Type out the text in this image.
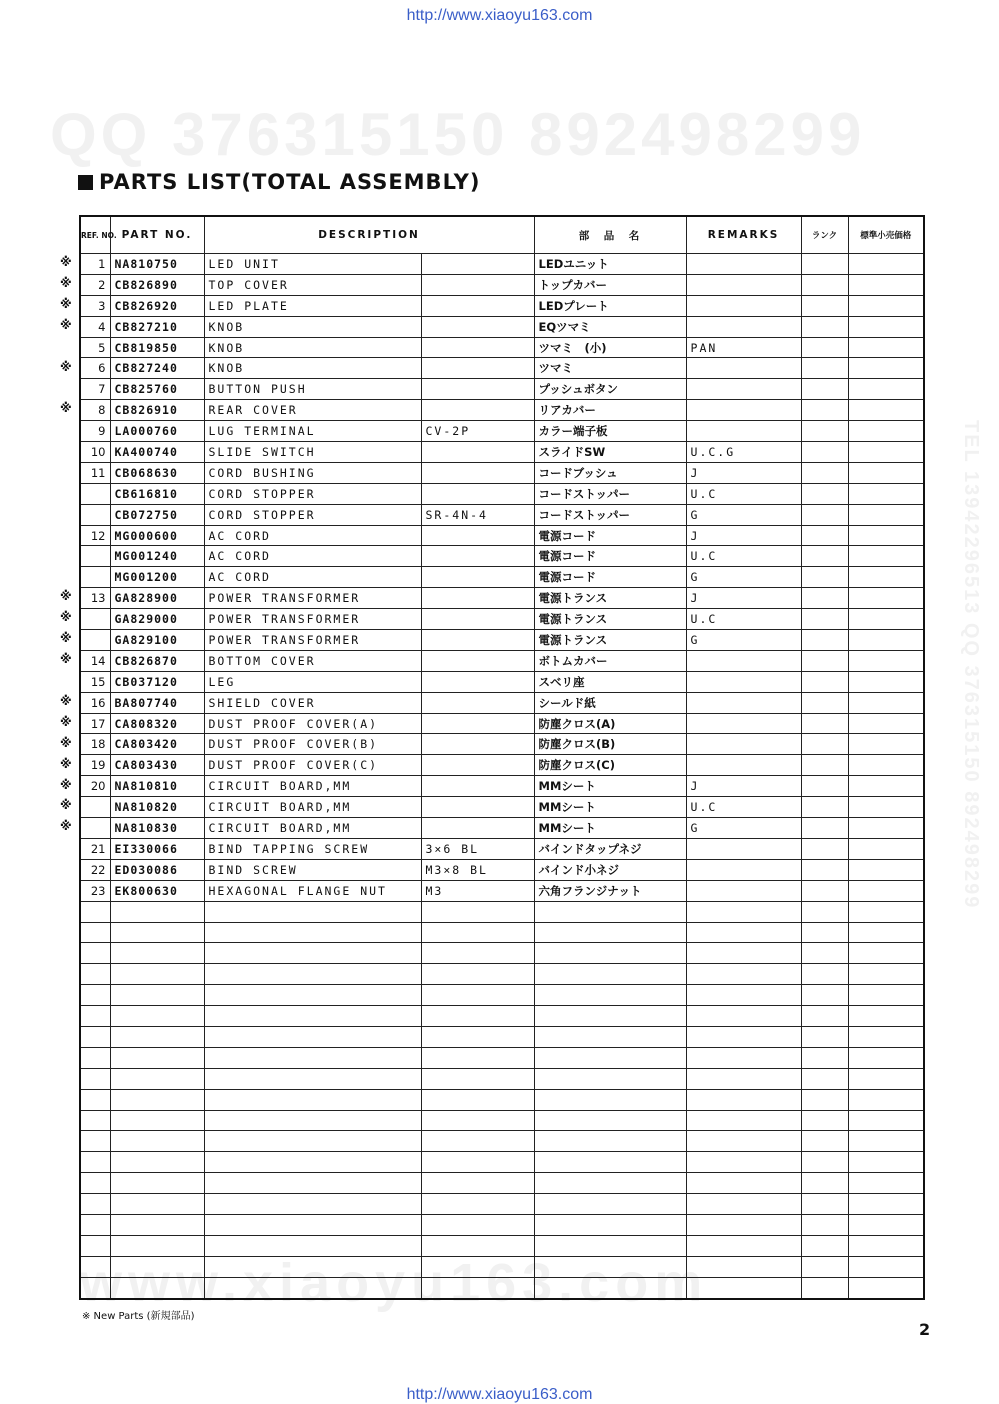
http://www.xiaoyu163.com
QQ 376315150 892498299
www.xiaoyu163.com
TEL 13942296513 QQ 376315150 892498299
PARTS LIST(TOTAL ASSEMBLY)
※
※
※
※
※
※
※
※
※
※
※
※
※
※
※
※
※
REF. NO.	PART NO.	DESCRIPTION		部　品　名	REMARKS	ランク	標準小売価格
1	NA810750	LED UNIT		LEDユニット			
2	CB826890	TOP COVER		トップカバー			
3	CB826920	LED PLATE		LEDプレート			
4	CB827210	KNOB		EQツマミ			
5	CB819850	KNOB		ツマミ　(小)	PAN		
6	CB827240	KNOB		ツマミ			
7	CB825760	BUTTON PUSH		プッシュボタン			
8	CB826910	REAR COVER		リアカバー			
9	LA000760	LUG TERMINAL	CV-2P	カラー端子板			
10	KA400740	SLIDE SWITCH		スライドSW	U.C.G		
11	CB068630	CORD BUSHING		コードブッシュ	J		
	CB616810	CORD STOPPER		コードストッパー	U.C		
	CB072750	CORD STOPPER	SR-4N-4	コードストッパー	G		
12	MG000600	AC CORD		電源コード	J		
	MG001240	AC CORD		電源コード	U.C		
	MG001200	AC CORD		電源コード	G		
13	GA828900	POWER TRANSFORMER		電源トランス	J		
	GA829000	POWER TRANSFORMER		電源トランス	U.C		
	GA829100	POWER TRANSFORMER		電源トランス	G		
14	CB826870	BOTTOM COVER		ボトムカバー			
15	CB037120	LEG		スベリ座			
16	BA807740	SHIELD COVER		シールド紙			
17	CA808320	DUST PROOF COVER(A)		防塵クロス(A)			
18	CA803420	DUST PROOF COVER(B)		防塵クロス(B)			
19	CA803430	DUST PROOF COVER(C)		防塵クロス(C)			
20	NA810810	CIRCUIT BOARD,MM		MMシート	J		
	NA810820	CIRCUIT BOARD,MM		MMシート	U.C		
	NA810830	CIRCUIT BOARD,MM		MMシート	G		
21	EI330066	BIND TAPPING SCREW	3×6 BL	バインドタップネジ			
22	ED030086	BIND SCREW	M3×8 BL	バインド小ネジ			
23	EK800630	HEXAGONAL FLANGE NUT	M3	六角フランジナット			

※ New Parts (新規部品)
2
http://www.xiaoyu163.com
